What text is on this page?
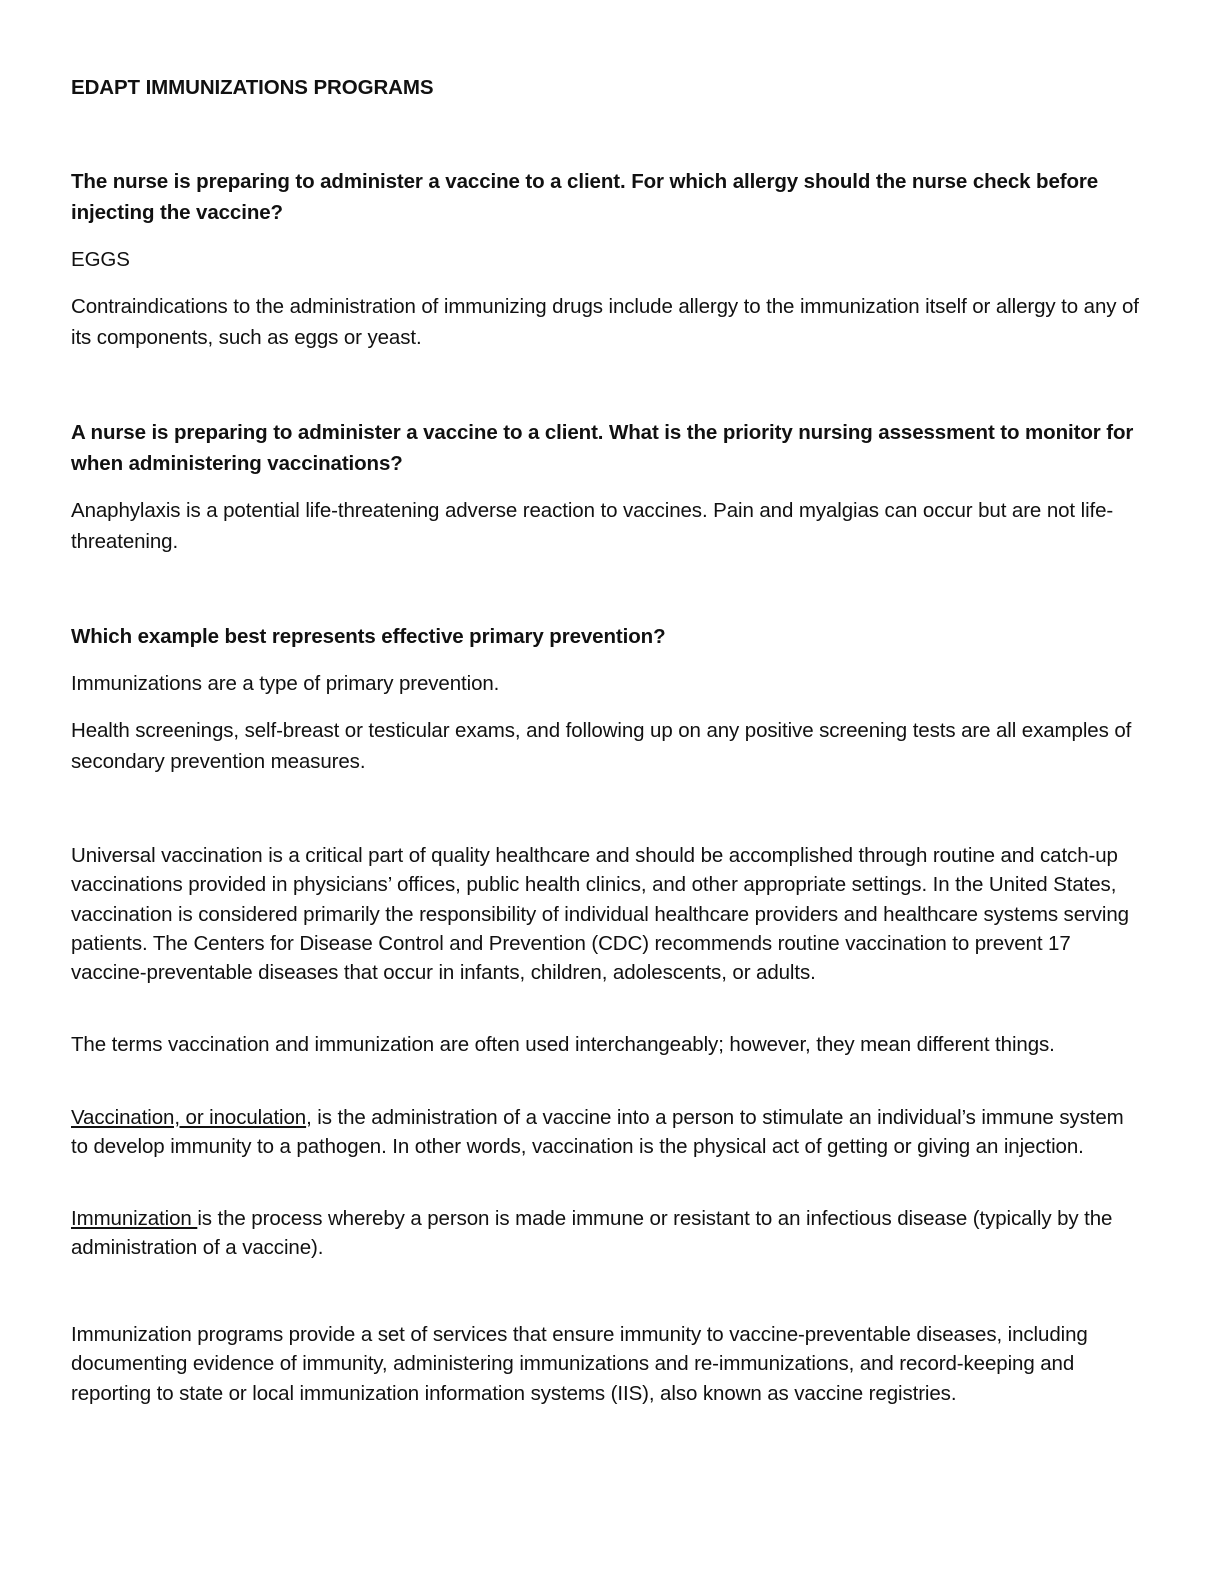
EDAPT IMMUNIZATIONS PROGRAMS

The nurse is preparing to administer a vaccine to a client. For which allergy should the nurse check before injecting the vaccine?

EGGS

Contraindications to the administration of immunizing drugs include allergy to the immunization itself or allergy to any of its components, such as eggs or yeast.

A nurse is preparing to administer a vaccine to a client. What is the priority nursing assessment to monitor for when administering vaccinations?

Anaphylaxis is a potential life-threatening adverse reaction to vaccines. Pain and myalgias can occur but are not life-threatening.

Which example best represents effective primary prevention?

Immunizations are a type of primary prevention.

Health screenings, self-breast or testicular exams, and following up on any positive screening tests are all examples of secondary prevention measures.

Universal vaccination is a critical part of quality healthcare and should be accomplished through routine and catch-up vaccinations provided in physicians’ offices, public health clinics, and other appropriate settings. In the United States, vaccination is considered primarily the responsibility of individual healthcare providers and healthcare systems serving patients. The Centers for Disease Control and Prevention (CDC) recommends routine vaccination to prevent 17 vaccine-preventable diseases that occur in infants, children, adolescents, or adults.

The terms vaccination and immunization are often used interchangeably; however, they mean different things.

Vaccination, or inoculation, is the administration of a vaccine into a person to stimulate an individual’s immune system to develop immunity to a pathogen. In other words, vaccination is the physical act of getting or giving an injection.

Immunization is the process whereby a person is made immune or resistant to an infectious disease (typically by the administration of a vaccine).

Immunization programs provide a set of services that ensure immunity to vaccine-preventable diseases, including documenting evidence of immunity, administering immunizations and re-immunizations, and record-keeping and reporting to state or local immunization information systems (IIS), also known as vaccine registries.
